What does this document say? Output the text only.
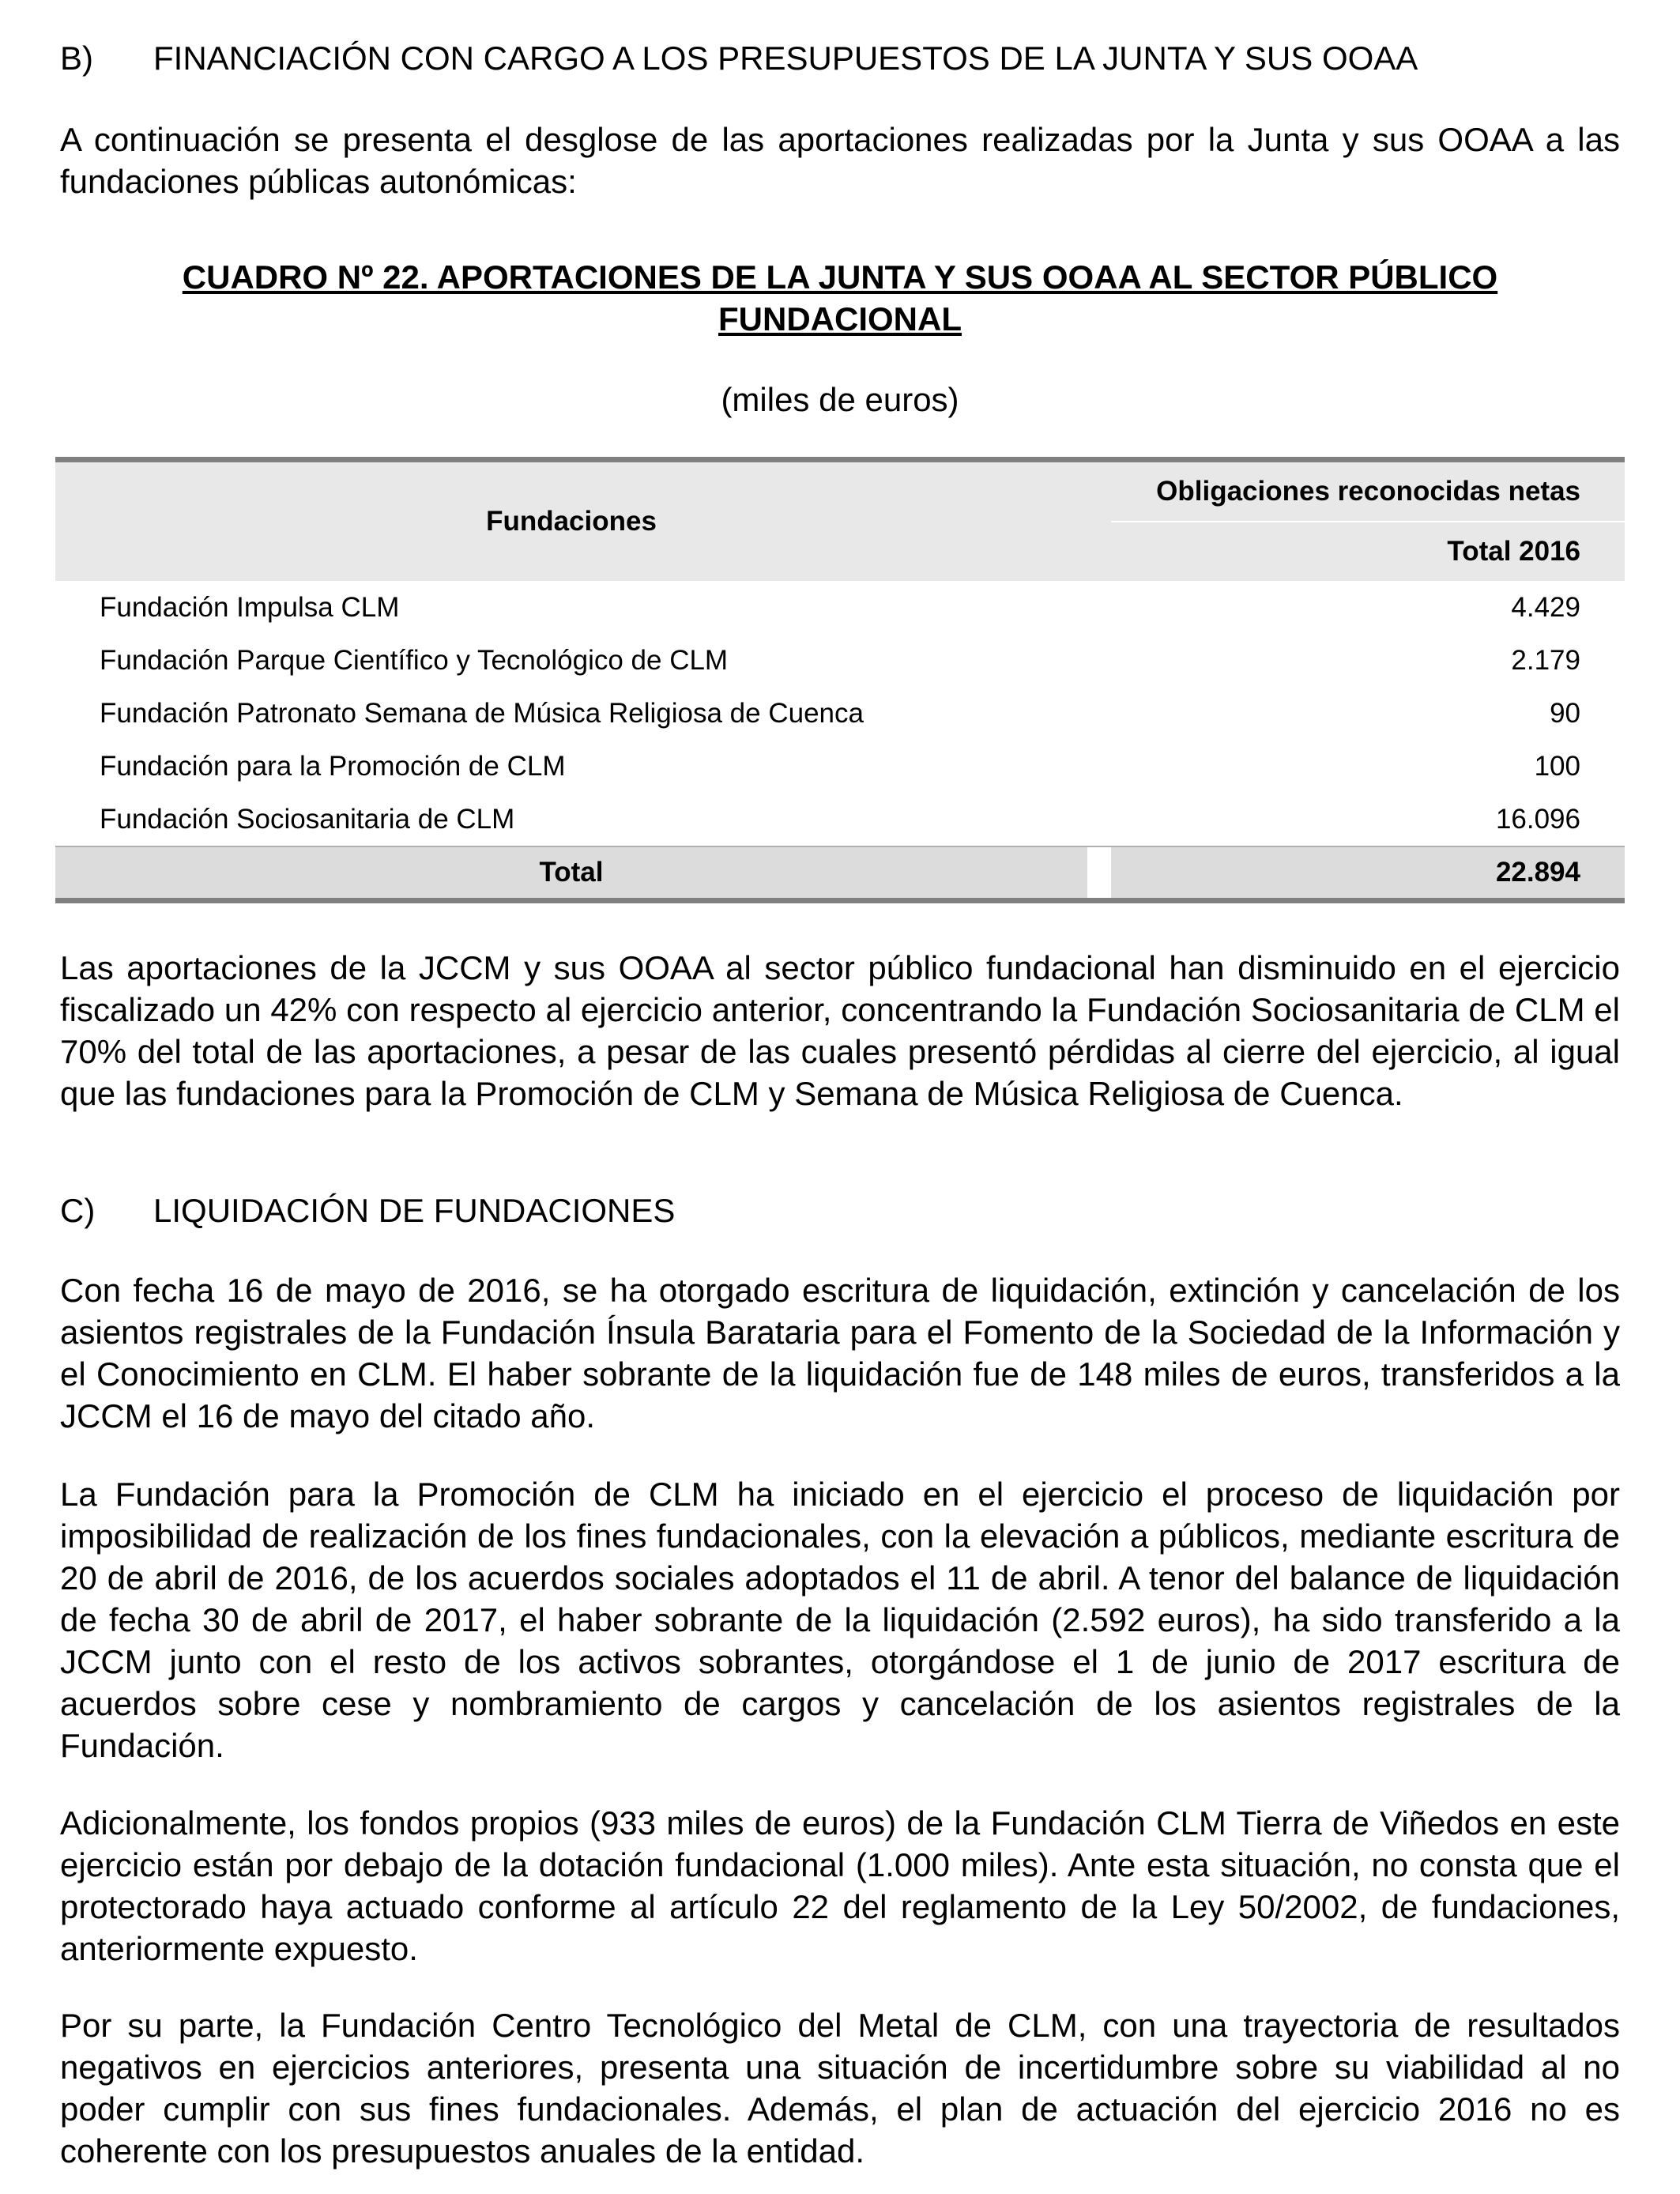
B) FINANCIACIÓN CON CARGO A LOS PRESUPUESTOS DE LA JUNTA Y SUS OOAA
A continuación se presenta el desglose de las aportaciones realizadas por la Junta y sus OOAA a las fundaciones públicas autonómicas:
CUADRO Nº 22. APORTACIONES DE LA JUNTA Y SUS OOAA AL SECTOR PÚBLICO
FUNDACIONAL
(miles de euros)
Fundaciones		Obligaciones reconocidas netas
		Total 2016
Fundación Impulsa CLM		4.429
Fundación Parque Científico y Tecnológico de CLM		2.179
Fundación Patronato Semana de Música Religiosa de Cuenca		90
Fundación para la Promoción de CLM		100
Fundación Sociosanitaria de CLM		16.096
Total		22.894
Las aportaciones de la JCCM y sus OOAA al sector público fundacional han disminuido en el ejercicio fiscalizado un 42% con respecto al ejercicio anterior, concentrando la Fundación Sociosanitaria de CLM el 70% del total de las aportaciones, a pesar de las cuales presentó pérdidas al cierre del ejercicio, al igual que las fundaciones para la Promoción de CLM y Semana de Música Religiosa de Cuenca.
C) LIQUIDACIÓN DE FUNDACIONES
Con fecha 16 de mayo de 2016, se ha otorgado escritura de liquidación, extinción y cancelación de los asientos registrales de la Fundación Ínsula Barataria para el Fomento de la Sociedad de la Información y el Conocimiento en CLM. El haber sobrante de la liquidación fue de 148 miles de euros, transferidos a la JCCM el 16 de mayo del citado año.
La Fundación para la Promoción de CLM ha iniciado en el ejercicio el proceso de liquidación por imposibilidad de realización de los fines fundacionales, con la elevación a públicos, mediante escritura de 20 de abril de 2016, de los acuerdos sociales adoptados el 11 de abril. A tenor del balance de liquidación de fecha 30 de abril de 2017, el haber sobrante de la liquidación (2.592 euros), ha sido transferido a la JCCM junto con el resto de los activos sobrantes, otorgándose el 1 de junio de 2017 escritura de acuerdos sobre cese y nombramiento de cargos y cancelación de los asientos registrales de la Fundación.
Adicionalmente, los fondos propios (933 miles de euros) de la Fundación CLM Tierra de Viñedos en este ejercicio están por debajo de la dotación fundacional (1.000 miles). Ante esta situación, no consta que el protectorado haya actuado conforme al artículo 22 del reglamento de la Ley 50/2002, de fundaciones, anteriormente expuesto.
Por su parte, la Fundación Centro Tecnológico del Metal de CLM, con una trayectoria de resultados negativos en ejercicios anteriores, presenta una situación de incertidumbre sobre su viabilidad al no poder cumplir con sus fines fundacionales. Además, el plan de actuación del ejercicio 2016 no es coherente con los presupuestos anuales de la entidad.
